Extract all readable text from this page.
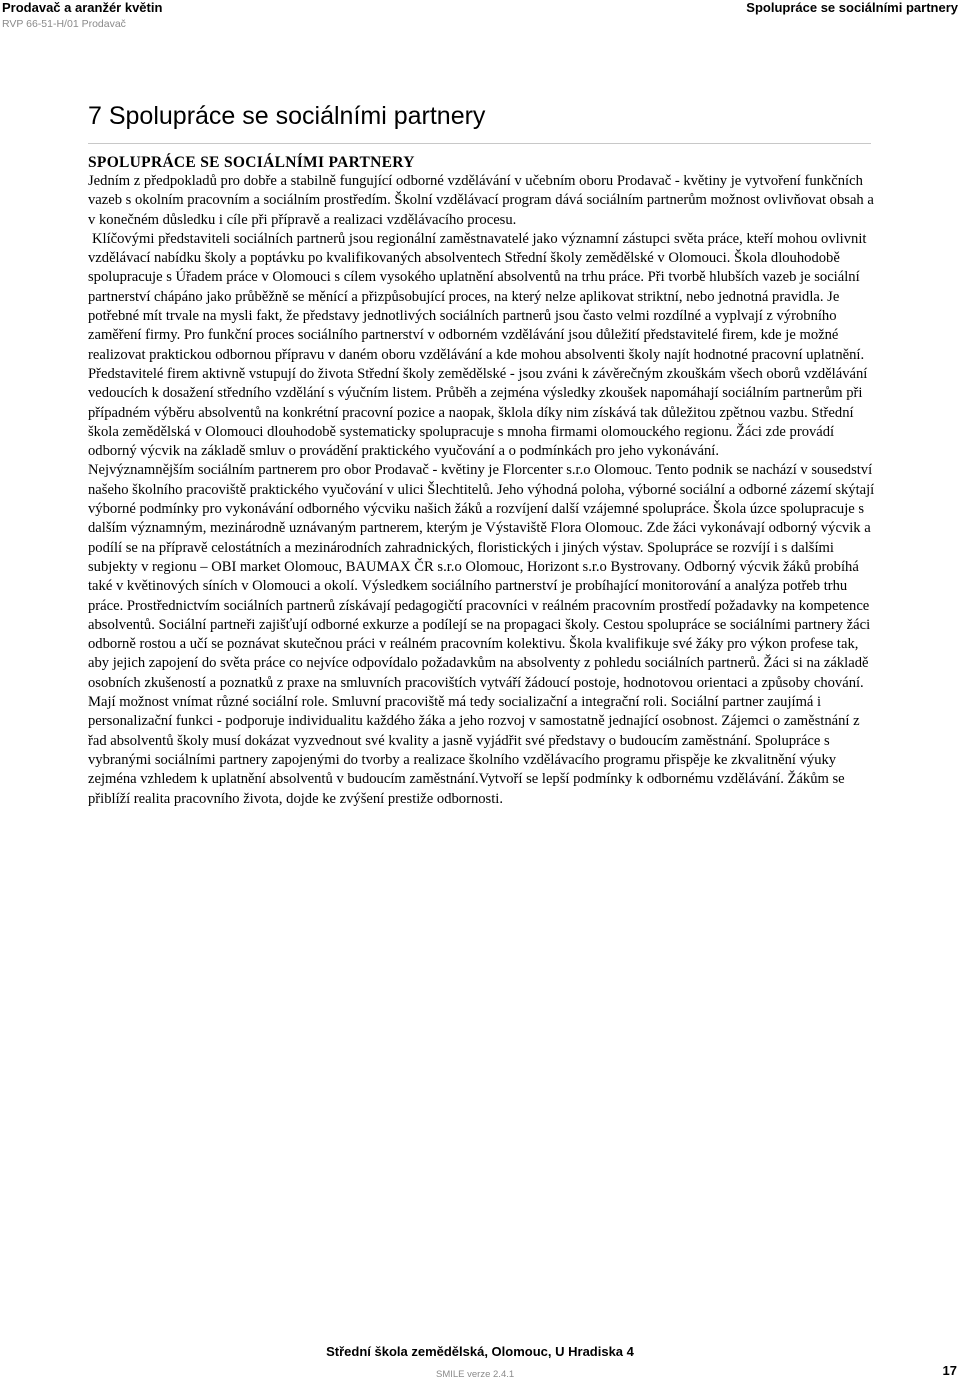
Prodavač a aranžér květin
RVP 66-51-H/01 Prodavač
Spolupráce se sociálními partnery
7 Spolupráce se sociálními partnery
SPOLUPRÁCE SE SOCIÁLNÍMI PARTNERY

Jedním z předpokladů pro dobře a stabilně fungující odborné vzdělávání v učebním oboru Prodavač - květiny je vytvoření funkčních vazeb s okolním pracovním a sociálním prostředím. Školní vzdělávací program dává sociálním partnerům možnost ovlivňovat obsah a v konečném důsledku i cíle při přípravě a realizaci vzdělávacího procesu.

Klíčovými představiteli sociálních partnerů jsou regionální zaměstnavatelé jako významní zástupci světa práce, kteří mohou ovlivnit vzdělávací nabídku školy a poptávku po kvalifikovaných absolventech Střední školy zemědělské v Olomouci. Škola dlouhodobě spolupracuje s Úřadem práce v Olomouci s cílem vysokého uplatnění absolventů na trhu práce. Při tvorbě hlubších vazeb je sociální partnerství chápáno jako průběžně se měnící a přizpůsobující proces, na který nelze aplikovat striktní, nebo jednotná pravidla. Je potřebné mít trvale na mysli fakt, že představy jednotlivých sociálních partnerů jsou často velmi rozdílné a vyplvají z výrobního zaměření firmy. Pro funkční proces sociálního partnerství v odborném vzdělávání jsou důležití představitelé firem, kde je možné realizovat praktickou odbornou přípravu v daném oboru vzdělávání a kde mohou absolventi školy najít hodnotné pracovní uplatnění. Představitelé firem aktivně vstupují do života Střední školy zemědělské - jsou zváni k závěrečným zkouškám všech oborů vzdělávání vedoucích k dosažení středního vzdělání s výučním listem. Průběh a zejména výsledky zkoušek napomáhají sociálním partnerům při případném výběru absolventů na konkrétní pracovní pozice a naopak, šklola díky nim získává tak důležitou zpětnou vazbu. Střední škola zemědělská v Olomouci dlouhodobě systematicky spolupracuje s mnoha firmami olomouckého regionu. Žáci zde provádí odborný výcvik na základě smluv o provádění praktického vyučování a o podmínkách pro jeho vykonávání.

Nejvýznamnějším sociálním partnerem pro obor Prodavač - květiny je Florcenter s.r.o Olomouc. Tento podnik se nachází v sousedství našeho školního pracoviště praktického vyučování v ulici Šlechtitelů. Jeho výhodná poloha, výborné sociální a odborné zázemí skýtají výborné podmínky pro vykonávání odborného výcviku našich žáků a rozvíjení další vzájemné spolupráce. Škola úzce spolupracuje s dalším významným, mezinárodně uznávaným partnerem, kterým je Výstaviště Flora Olomouc. Zde žáci vykonávají odborný výcvik a podílí se na přípravě celostátních a mezinárodních zahradnických, floristických i jiných výstav. Spolupráce se rozvíjí i s dalšími subjekty v regionu – OBI market Olomouc, BAUMAX ČR s.r.o Olomouc, Horizont s.r.o Bystrovany. Odborný výcvik žáků probíhá také v květinových síních v Olomouci a okolí. Výsledkem sociálního partnerství je probíhající monitorování a analýza potřeb trhu práce. Prostřednictvím sociálních partnerů získávají pedagogičtí pracovníci v reálném pracovním prostředí požadavky na kompetence absolventů. Sociální partneři zajišťují odborné exkurze a podílejí se na propagaci školy. Cestou spolupráce se sociálními partnery žáci odborně rostou a učí se poznávat skutečnou práci v reálném pracovním kolektivu. Škola kvalifikuje své žáky pro výkon profese tak, aby jejich zapojení do světa práce co nejvíce odpovídalo požadavkům na absolventy z pohledu sociálních partnerů. Žáci si na základě osobních zkušeností a poznatků z praxe na smluvních pracovištích vytváří žádoucí postoje, hodnotovou orientaci a způsoby chování. Mají možnost vnímat různé sociální role. Smluvní pracoviště má tedy socializační a integrační roli. Sociální partner zaujímá i personalizační funkci - podporuje individualitu každého žáka a jeho rozvoj v samostatně jednající osobnost. Zájemci o zaměstnání z řad absolventů školy musí dokázat vyzvednout své kvality a jasně vyjádřit své představy o budoucím zaměstnání. Spolupráce s vybranými sociálními partnery zapojenými do tvorby a realizace školního vzdělávacího programu přispěje ke zkvalitnění výuky zejména vzhledem k uplatnění absolventů v budoucím zaměstnání.Vytvoří se lepší podmínky k odbornému vzdělávání. Žákům se přiblíží realita pracovního života, dojde ke zvýšení prestiže odbornosti.

Střední škola zemědělská, Olomouc, U Hradiska 4
SMILE verze 2.4.1	17
